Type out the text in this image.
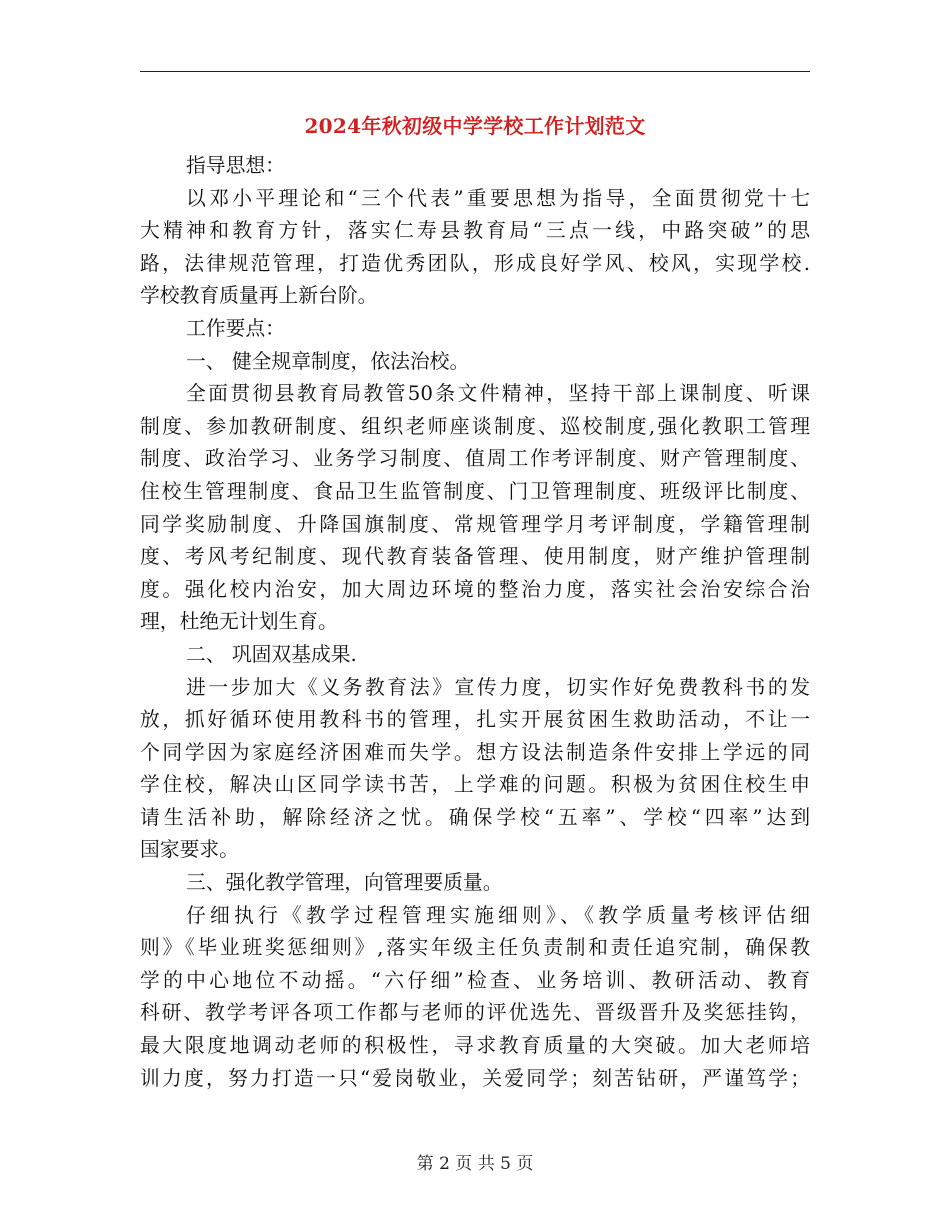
2024年秋初级中学学校工作计划范文
指导思想：
以邓小平理论和“三个代表”重要思想为指导，全面贯彻党十七
大精神和教育方针，落实仁寿县教育局“三点一线，中路突破”的思
路，法律规范管理，打造优秀团队，形成良好学风、校风，实现学校.
学校教育质量再上新台阶。
工作要点：
一、 健全规章制度，依法治校。
全面贯彻县教育局教管50条文件精神，坚持干部上课制度、听课
制度、参加教研制度、组织老师座谈制度、巡校制度,强化教职工管理
制度、政治学习、业务学习制度、值周工作考评制度、财产管理制度、
住校生管理制度、食品卫生监管制度、门卫管理制度、班级评比制度、
同学奖励制度、升降国旗制度、常规管理学月考评制度，学籍管理制
度、考风考纪制度、现代教育装备管理、使用制度，财产维护管理制
度。强化校内治安，加大周边环境的整治力度，落实社会治安综合治
理，杜绝无计划生育。
二、 巩固双基成果.
进一步加大《义务教育法》宣传力度，切实作好免费教科书的发
放，抓好循环使用教科书的管理，扎实开展贫困生救助活动，不让一
个同学因为家庭经济困难而失学。想方设法制造条件安排上学远的同
学住校，解决山区同学读书苦，上学难的问题。积极为贫困住校生申
请生活补助，解除经济之忧。确保学校“五率”、学校“四率”达到
国家要求。
三、强化教学管理，向管理要质量。
仔细执行《教学过程管理实施细则》、《教学质量考核评估细
则》《毕业班奖惩细则》,落实年级主任负责制和责任追究制，确保教
学的中心地位不动摇。“六仔细”检查、业务培训、教研活动、教育
科研、教学考评各项工作都与老师的评优选先、晋级晋升及奖惩挂钩，
最大限度地调动老师的积极性，寻求教育质量的大突破。加大老师培
训力度，努力打造一只“爱岗敬业，关爱同学；刻苦钻研，严谨笃学；
第 2 页 共 5 页
